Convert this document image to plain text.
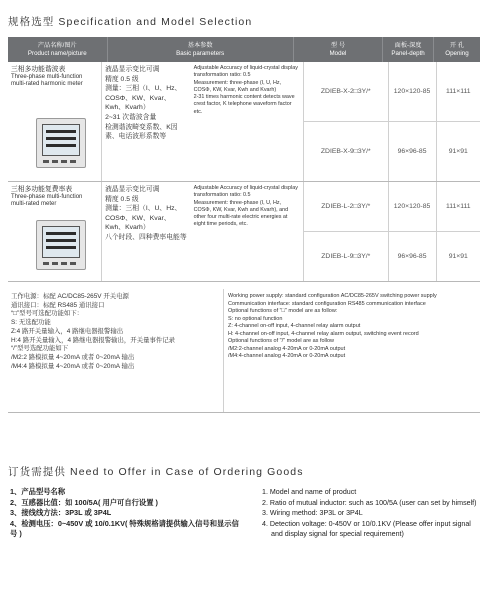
规格选型 Specification and Model Selection
产品名称/图片
Product name/picture
基本参数
Basic parameters
型 号
Model
面板-深度
Panel-depth
开 孔
Opening
三相多功能谐波表
Three-phase multi-function multi-rated harmonic meter
液晶显示变比可调
精度 0.5 级
测量：三相（I、U、Hz、COSΦ、KW、Kvar、Kwh、Kvarh）
2~31 次谐波含量
检测谐波畸变系数、K因素、电话波形系数等
Adjustable Accuracy of liquid-crystal display transformation ratio: 0.5
Measurement: three-phase (I, U, Hz, COSΦ, KW, Kvar, Kwh and Kvarh)
2-31 times harmonic content detects wave crest factor, K telephone waveform factor etc.
ZDIEB-X-2□3Y/*
ZDIEB-X-9□3Y/*
120×120-85
96×96-85
111×111
91×91
三相多功能复费率表
Three-phase multi-function multi-rated meter
液晶显示变比可调
精度 0.5 级
测量：三相（I、U、Hz、COSΦ、KW、Kvar、Kwh、Kvarh）
八个时段、四种费率电能等
Adjustable Accuracy of liquid-crystal display transformation ratio: 0.5
Measurement: three-phase (I, U, Hz, COSΦ, KW, Kvar, Kwh and Kvarh), and other four multi-rate electric energies at eight time periods, etc.
ZDIEB-L-2□3Y/*
ZDIEB-L-9□3Y/*
120×120-85
96×96-85
111×111
91×91
工作电源：标配 AC/DC85-265V 开关电源
通讯接口：标配 RS485 通讯接口
“□”型号可选配功能如下：
S: 无选配功能
Z:4 路开关量输入，4 路继电器报警输出
H:4 路开关量输入，4 路继电器报警输出，开关量事件记录
“/”型号选配功能如下
/M2:2 路模拟量 4~20mA 或者 0~20mA 输出
/M4:4 路模拟量 4~20mA 或者 0~20mA 输出
Working power supply: standard configuration AC/DC85-265V switching power supply
Communication interface: standard configuration RS485 communication interface
Optional functions of "□" model are as follow:
S: no optional function
Z: 4-channel on-off input, 4-channel relay alarm output
H: 4-channel on-off input, 4-channel relay alarm output, switching event record
Optional functions of "/" model are as follow
/M2:2-channel analog 4-20mA or 0-20mA output
/M4:4-channel analog 4-20mA or 0-20mA output
订货需提供 Need to Offer in Case of Ordering Goods
1、产品型号名称
2、互感器比值：如 100/5A( 用户可自行设置 )
3、接线线方法：3P3L 或 3P4L
4、检测电压：0~450V 或 10/0.1KV( 特殊规格请提供输入信号和显示信号 )
1. Model and name of product
2. Ratio of mutual inductor: such as 100/5A (user can set by himself)
3. Wiring method: 3P3L or 3P4L
4. Detection voltage: 0-450V or 10/0.1KV (Please offer input signal and display signal for special requirement)
